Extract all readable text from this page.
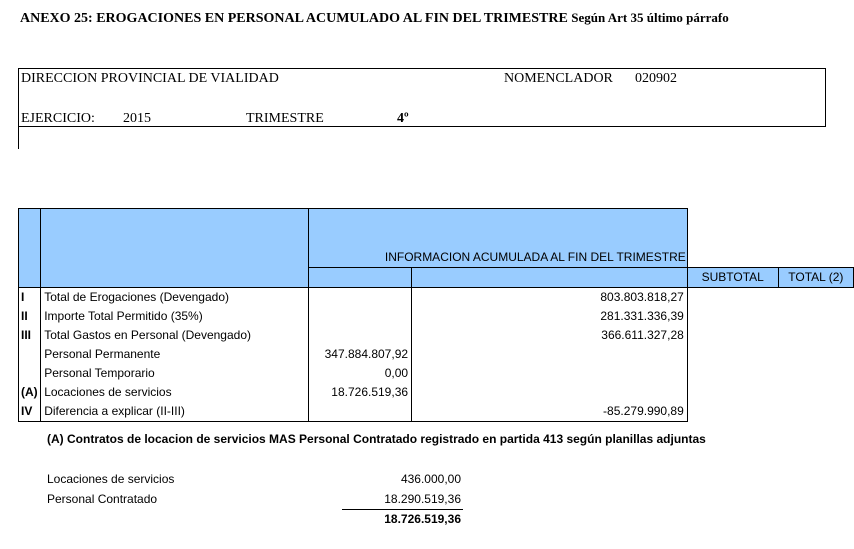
ANEXO 25: EROGACIONES EN PERSONAL ACUMULADO AL FIN DEL TRIMESTRE Según Art 35 último párrafo
DIRECCION PROVINCIAL DE VIALIDAD	NOMENCLADOR 020902
EJERCICIO: 2015	TRIMESTRE	4º
		INFORMACION ACUMULADA AL FIN DEL TRIMESTRE			
				SUBTOTAL	TOTAL (2)
I	Total de Erogaciones (Devengado)		803.803.818,27		
II	Importe Total Permitido (35%)		281.331.336,39		
III	Total Gastos en Personal (Devengado)		366.611.327,28		
	Personal Permanente	347.884.807,92			
	Personal Temporario	0,00			
(A)	Locaciones de servicios	18.726.519,36			
IV	Diferencia a explicar (II-III)		-85.279.990,89		
(A) Contratos de locacion de servicios MAS Personal Contratado registrado en partida 413 según planillas adjuntas
Locaciones de servicios	436.000,00
Personal Contratado	18.290.519,36
18.726.519,36
